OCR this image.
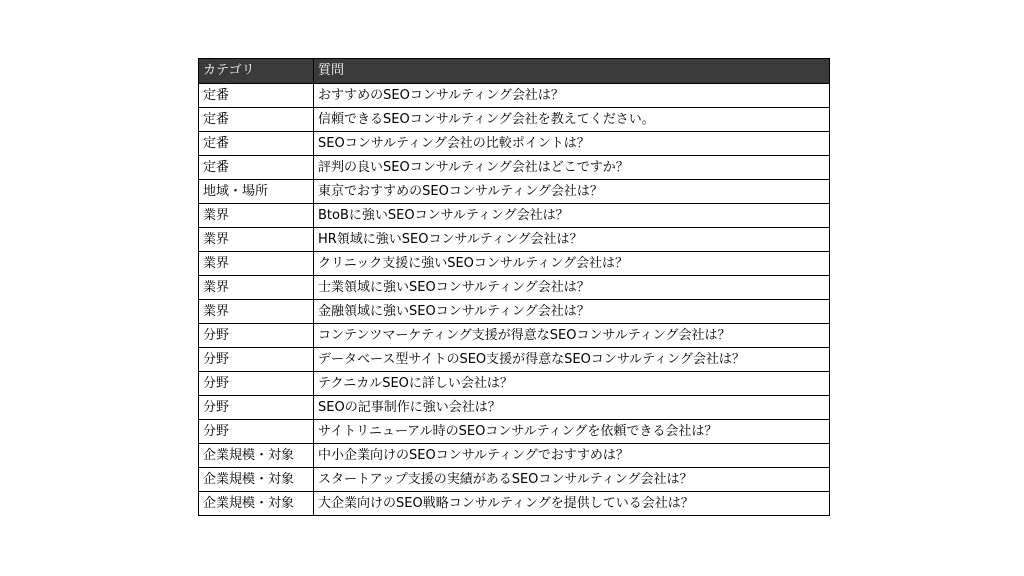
カテゴリ	質問
定番	おすすめのSEOコンサルティング会社は？
定番	信頼できるSEOコンサルティング会社を教えてください。
定番	SEOコンサルティング会社の比較ポイントは？
定番	評判の良いSEOコンサルティング会社はどこですか？
地域・場所	東京でおすすめのSEOコンサルティング会社は？
業界	BtoBに強いSEOコンサルティング会社は？
業界	HR領域に強いSEOコンサルティング会社は？
業界	クリニック支援に強いSEOコンサルティング会社は？
業界	士業領域に強いSEOコンサルティング会社は？
業界	金融領域に強いSEOコンサルティング会社は？
分野	コンテンツマーケティング支援が得意なSEOコンサルティング会社は？
分野	データベース型サイトのSEO支援が得意なSEOコンサルティング会社は？
分野	テクニカルSEOに詳しい会社は？
分野	SEOの記事制作に強い会社は？
分野	サイトリニューアル時のSEOコンサルティングを依頼できる会社は？
企業規模・対象	中小企業向けのSEOコンサルティングでおすすめは？
企業規模・対象	スタートアップ支援の実績があるSEOコンサルティング会社は？
企業規模・対象	大企業向けのSEO戦略コンサルティングを提供している会社は？
